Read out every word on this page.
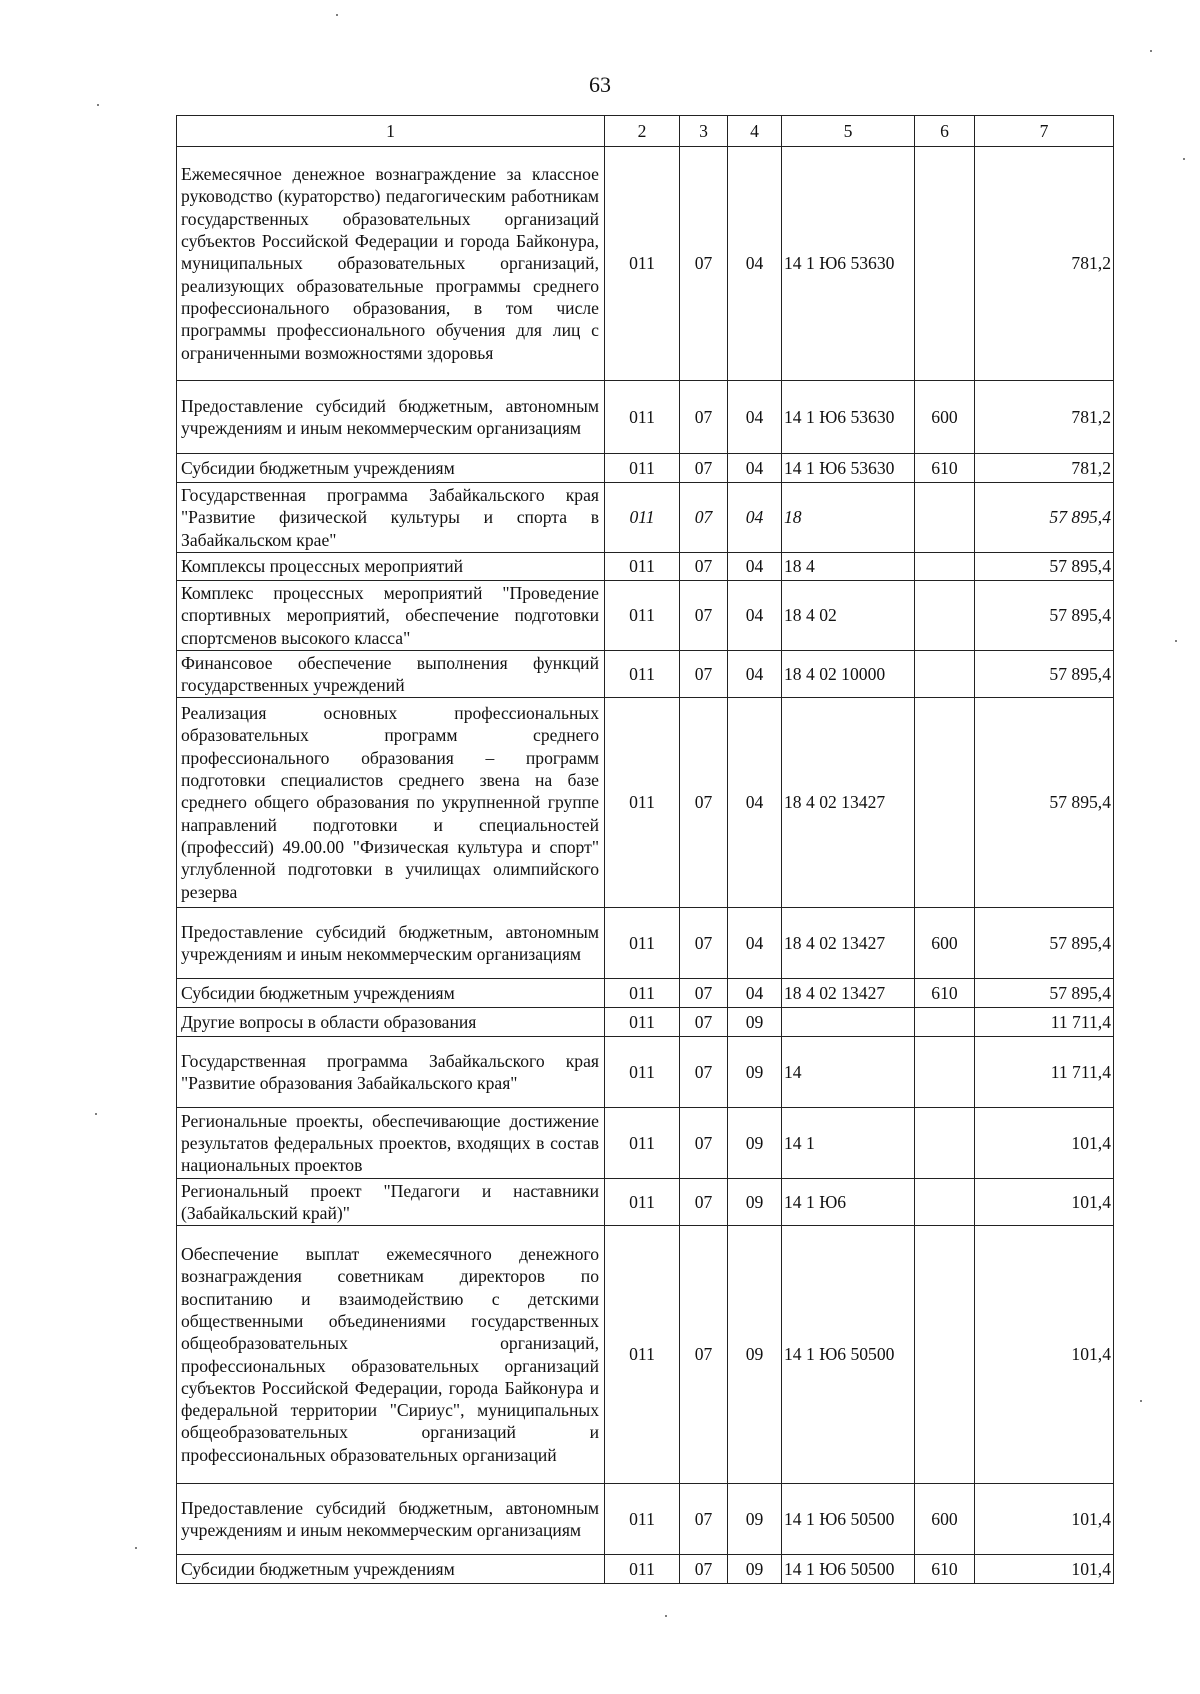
63
1	2	3	4	5	6	7
Ежемесячное денежное вознаграждение за классное руководство (кураторство) педагогическим работникам государственных образовательных организаций субъектов Российской Федерации и города Байконура, муниципальных образовательных организаций, реализующих образовательные программы среднего профессионального образования, в том числе программы профессионального обучения для лиц с ограниченными возможностями здоровья	011	07	04	14 1 Ю6 53630		781,2
Предоставление субсидий бюджетным, автономным учреждениям и иным некоммерческим организациям	011	07	04	14 1 Ю6 53630	600	781,2
Субсидии бюджетным учреждениям	011	07	04	14 1 Ю6 53630	610	781,2
Государственная программа Забайкальского края "Развитие физической культуры и спорта в Забайкальском крае"	011	07	04	18		57 895,4
Комплексы процессных мероприятий	011	07	04	18 4		57 895,4
Комплекс процессных мероприятий "Проведение спортивных мероприятий, обеспечение подготовки спортсменов высокого класса"	011	07	04	18 4 02		57 895,4
Финансовое обеспечение выполнения функций государственных учреждений	011	07	04	18 4 02 10000		57 895,4
Реализация основных профессиональных образовательных программ среднего профессионального образования – программ подготовки специалистов среднего звена на базе среднего общего образования по укрупненной группе направлений подготовки и специальностей (профессий) 49.00.00 "Физическая культура и спорт" углубленной подготовки в училищах олимпийского резерва	011	07	04	18 4 02 13427		57 895,4
Предоставление субсидий бюджетным, автономным учреждениям и иным некоммерческим организациям	011	07	04	18 4 02 13427	600	57 895,4
Субсидии бюджетным учреждениям	011	07	04	18 4 02 13427	610	57 895,4
Другие вопросы в области образования	011	07	09			11 711,4
Государственная программа Забайкальского края "Развитие образования Забайкальского края"	011	07	09	14		11 711,4
Региональные проекты, обеспечивающие достижение результатов федеральных проектов, входящих в состав национальных проектов	011	07	09	14 1		101,4
Региональный проект "Педагоги и наставники (Забайкальский край)"	011	07	09	14 1 Ю6		101,4
Обеспечение выплат ежемесячного денежного вознаграждения советникам директоров по воспитанию и взаимодействию с детскими общественными объединениями государственных общеобразовательных организаций, профессиональных образовательных организаций субъектов Российской Федерации, города Байконура и федеральной территории "Сириус", муниципальных общеобразовательных организаций и профессиональных образовательных организаций	011	07	09	14 1 Ю6 50500		101,4
Предоставление субсидий бюджетным, автономным учреждениям и иным некоммерческим организациям	011	07	09	14 1 Ю6 50500	600	101,4
Субсидии бюджетным учреждениям	011	07	09	14 1 Ю6 50500	610	101,4
